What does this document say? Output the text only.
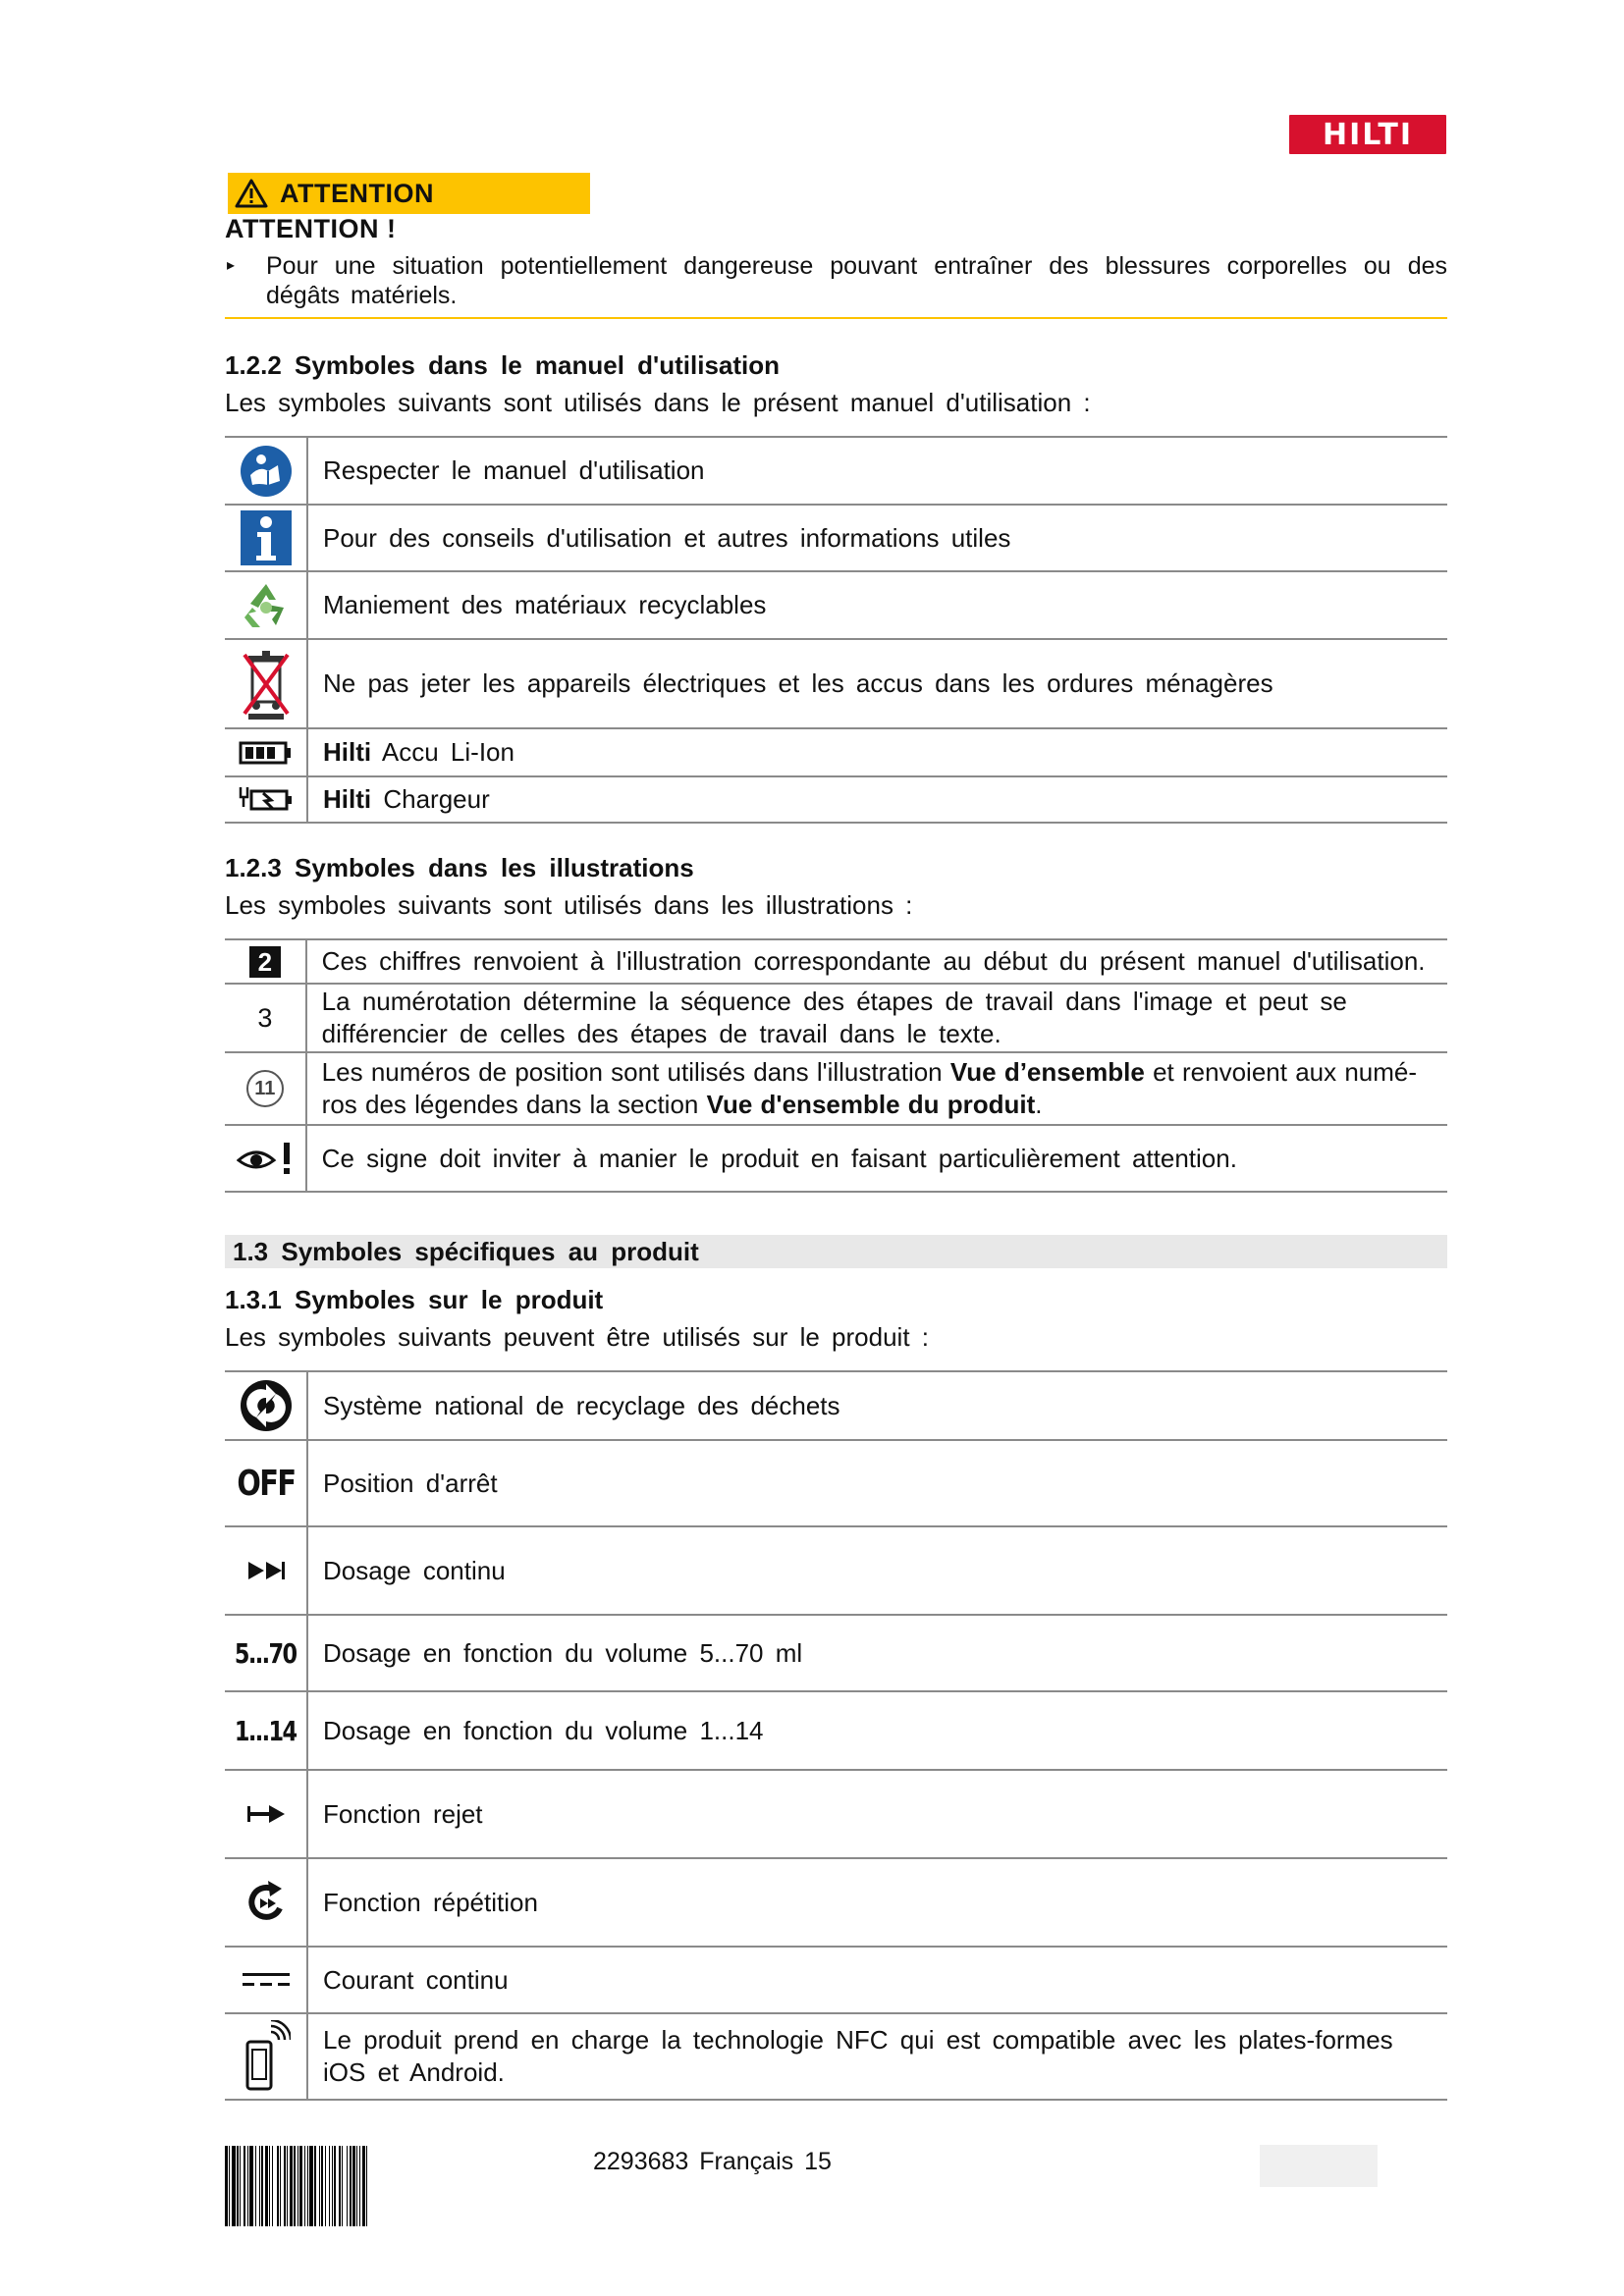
HILTI
ATTENTION
ATTENTION !
▸ Pour une situation potentiellement dangereuse pouvant entraîner des blessures corporelles ou des dégâts matériels.
1.2.2 Symboles dans le manuel d'utilisation
Les symboles suivants sont utilisés dans le présent manuel d'utilisation :
	Respecter le manuel d'utilisation

	Pour des conseils d'utilisation et autres informations utiles

	Maniement des matériaux recyclables

	Ne pas jeter les appareils électriques et les accus dans les ordures ménagères

	Hilti Accu Li-Ion

	Hilti Chargeur
1.2.3 Symboles dans les illustrations
Les symboles suivants sont utilisés dans les illustrations :
2	Ces chiffres renvoient à l'illustration correspondante au début du présent manuel d'utilisation.
3	La numérotation détermine la séquence des étapes de travail dans l'image et peut se différencier de celles des étapes de travail dans le texte.
11	Les numéros de position sont utilisés dans l'illustration Vue d’ensemble et renvoient aux numé-ros des légendes dans la section Vue d'ensemble du produit.

	Ce signe doit inviter à manier le produit en faisant particulièrement attention.
1.3 Symboles spécifiques au produit
1.3.1 Symboles sur le produit
Les symboles suivants peuvent être utilisés sur le produit :
	Système national de recyclage des déchets
OFF	Position d'arrêt

	Dosage continu
5...70	Dosage en fonction du volume 5...70 ml
1...14	Dosage en fonction du volume 1...14

	Fonction rejet

	Fonction répétition

	Courant continu

	Le produit prend en charge la technologie NFC qui est compatible avec les plates-formes iOS et Android.
2293683 Français 15
